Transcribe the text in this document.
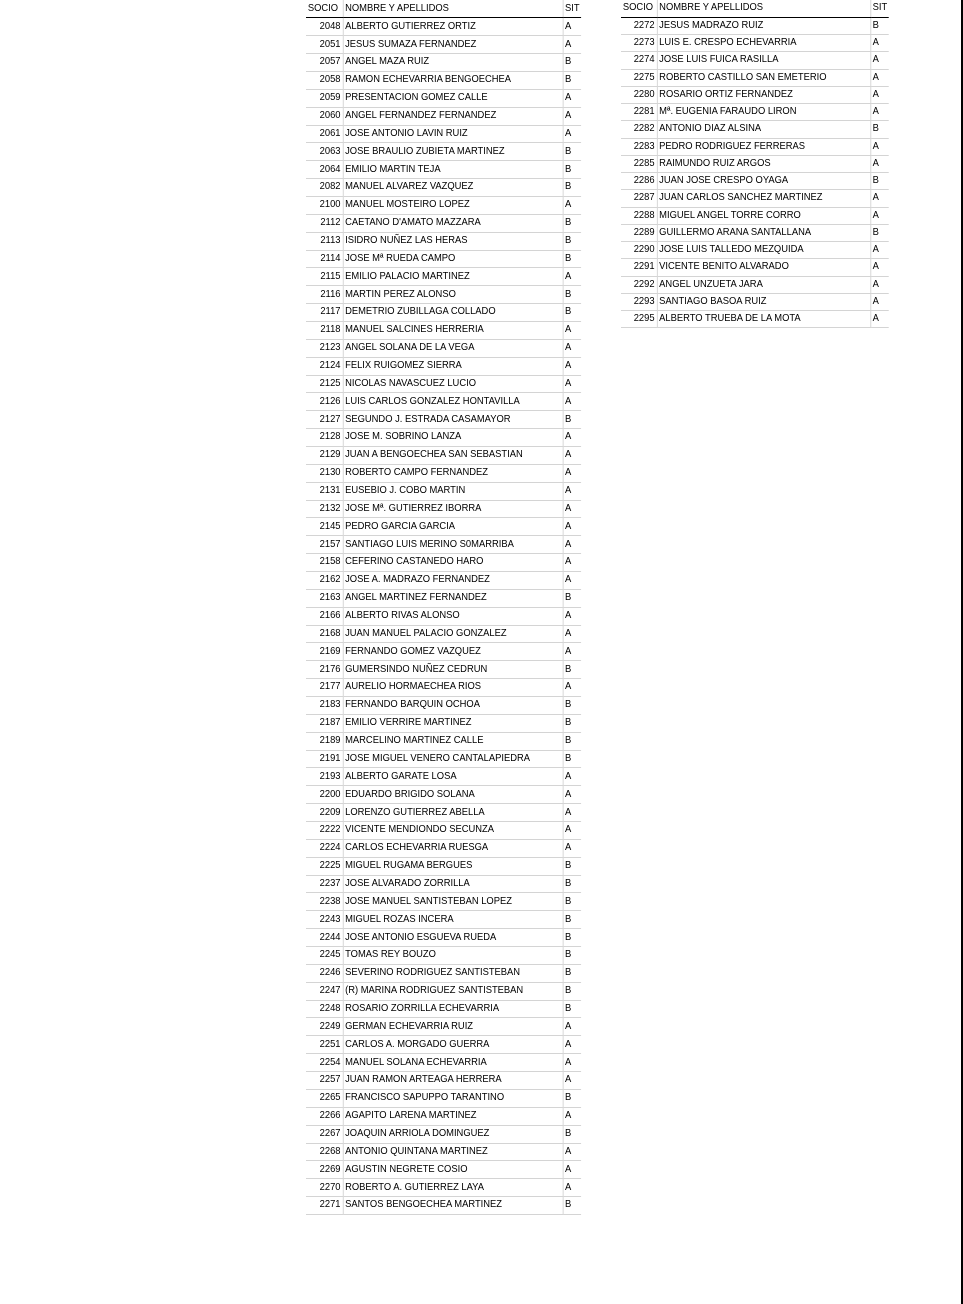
SOCIO	NOMBRE Y APELLIDOS	SIT
2048	ALBERTO GUTIERREZ ORTIZ	A
2051	JESUS SUMAZA FERNANDEZ	A
2057	ANGEL MAZA RUIZ	B
2058	RAMON ECHEVARRIA BENGOECHEA	B
2059	PRESENTACION GOMEZ CALLE	A
2060	ANGEL FERNANDEZ FERNANDEZ	A
2061	JOSE ANTONIO LAVIN RUIZ	A
2063	JOSE BRAULIO ZUBIETA MARTINEZ	B
2064	EMILIO MARTIN TEJA	B
2082	MANUEL ALVAREZ VAZQUEZ	B
2100	MANUEL MOSTEIRO LOPEZ	A
2112	CAETANO D'AMATO MAZZARA	B
2113	ISIDRO NUÑEZ LAS HERAS	B
2114	JOSE Mª RUEDA CAMPO	B
2115	EMILIO PALACIO MARTINEZ	A
2116	MARTIN PEREZ ALONSO	B
2117	DEMETRIO ZUBILLAGA COLLADO	B
2118	MANUEL SALCINES HERRERIA	A
2123	ANGEL SOLANA DE LA VEGA	A
2124	FELIX RUIGOMEZ SIERRA	A
2125	NICOLAS NAVASCUEZ LUCIO	A
2126	LUIS CARLOS GONZALEZ HONTAVILLA	A
2127	SEGUNDO J. ESTRADA CASAMAYOR	B
2128	JOSE M. SOBRINO LANZA	A
2129	JUAN A BENGOECHEA SAN SEBASTIAN	A
2130	ROBERTO CAMPO FERNANDEZ	A
2131	EUSEBIO J. COBO MARTIN	A
2132	JOSE Mª. GUTIERREZ IBORRA	A
2145	PEDRO GARCIA GARCIA	A
2157	SANTIAGO LUIS MERINO S0MARRIBA	A
2158	CEFERINO CASTANEDO HARO	A
2162	JOSE A. MADRAZO FERNANDEZ	A
2163	ANGEL MARTINEZ FERNANDEZ	B
2166	ALBERTO RIVAS ALONSO	A
2168	JUAN MANUEL PALACIO GONZALEZ	A
2169	FERNANDO GOMEZ VAZQUEZ	A
2176	GUMERSINDO NUÑEZ CEDRUN	B
2177	AURELIO HORMAECHEA RIOS	A
2183	FERNANDO BARQUIN OCHOA	B
2187	EMILIO VERRIRE MARTINEZ	B
2189	MARCELINO MARTINEZ CALLE	B
2191	JOSE MIGUEL VENERO CANTALAPIEDRA	B
2193	ALBERTO GARATE LOSA	A
2200	EDUARDO BRIGIDO SOLANA	A
2209	LORENZO GUTIERREZ ABELLA	A
2222	VICENTE MENDIONDO SECUNZA	A
2224	CARLOS ECHEVARRIA RUESGA	A
2225	MIGUEL RUGAMA BERGUES	B
2237	JOSE ALVARADO ZORRILLA	B
2238	JOSE MANUEL SANTISTEBAN LOPEZ	B
2243	MIGUEL ROZAS INCERA	B
2244	JOSE ANTONIO ESGUEVA RUEDA	B
2245	TOMAS REY BOUZO	B
2246	SEVERINO RODRIGUEZ SANTISTEBAN	B
2247	(R) MARINA RODRIGUEZ SANTISTEBAN	B
2248	ROSARIO ZORRILLA ECHEVARRIA	B
2249	GERMAN ECHEVARRIA RUIZ	A
2251	CARLOS A. MORGADO GUERRA	A
2254	MANUEL SOLANA ECHEVARRIA	A
2257	JUAN RAMON ARTEAGA HERRERA	A
2265	FRANCISCO SAPUPPO TARANTINO	B
2266	AGAPITO LARENA MARTINEZ	A
2267	JOAQUIN ARRIOLA DOMINGUEZ	B
2268	ANTONIO QUINTANA MARTINEZ	A
2269	AGUSTIN NEGRETE COSIO	A
2270	ROBERTO A. GUTIERREZ LAYA	A
2271	SANTOS BENGOECHEA MARTINEZ	B
SOCIO	NOMBRE Y APELLIDOS	SIT
2272	JESUS MADRAZO RUIZ	B
2273	LUIS E. CRESPO ECHEVARRIA	A
2274	JOSE LUIS FUICA RASILLA	A
2275	ROBERTO CASTILLO SAN EMETERIO	A
2280	ROSARIO ORTIZ FERNANDEZ	A
2281	Mª. EUGENIA FARAUDO LIRON	A
2282	ANTONIO DIAZ ALSINA	B
2283	PEDRO RODRIGUEZ FERRERAS	A
2285	RAIMUNDO RUIZ ARGOS	A
2286	JUAN JOSE CRESPO OYAGA	B
2287	JUAN CARLOS SANCHEZ MARTINEZ	A
2288	MIGUEL ANGEL TORRE CORRO	A
2289	GUILLERMO ARANA SANTALLANA	B
2290	JOSE LUIS TALLEDO MEZQUIDA	A
2291	VICENTE BENITO ALVARADO	A
2292	ANGEL UNZUETA JARA	A
2293	SANTIAGO BASOA RUIZ	A
2295	ALBERTO TRUEBA DE LA MOTA	A
